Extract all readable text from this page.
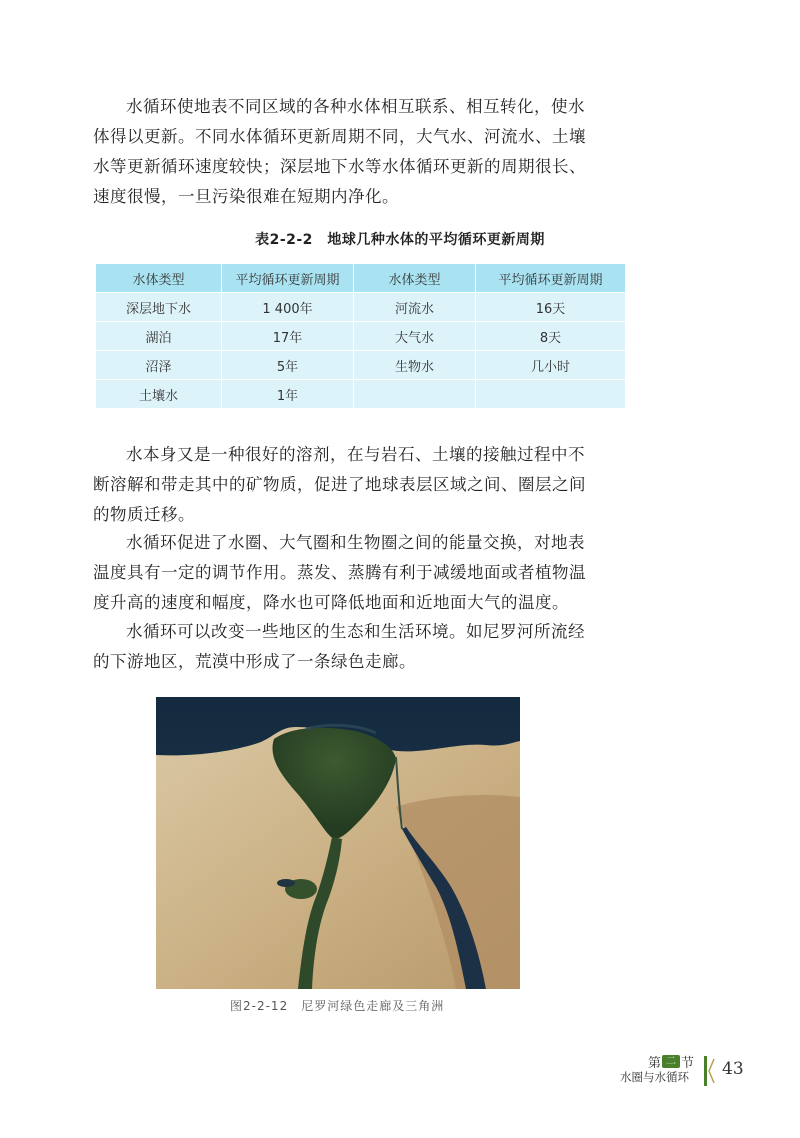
水循环使地表不同区域的各种水体相互联系、相互转化，使水体得以更新。不同水体循环更新周期不同，大气水、河流水、土壤水等更新循环速度较快；深层地下水等水体循环更新的周期很长、速度很慢，一旦污染很难在短期内净化。

表2-2-2　地球几种水体的平均循环更新周期
水体类型	平均循环更新周期	水体类型	平均循环更新周期
深层地下水	1 400年	河流水	16天
湖泊	17年	大气水	8天
沼泽	5年	生物水	几小时
土壤水	1年		

水本身又是一种很好的溶剂，在与岩石、土壤的接触过程中不断溶解和带走其中的矿物质，促进了地球表层区域之间、圈层之间的物质迁移。

水循环促进了水圈、大气圈和生物圈之间的能量交换，对地表温度具有一定的调节作用。蒸发、蒸腾有利于减缓地面或者植物温度升高的速度和幅度，降水也可降低地面和近地面大气的温度。

水循环可以改变一些地区的生态和生活环境。如尼罗河所流经的下游地区，荒漠中形成了一条绿色走廊。

图2-2-12　尼罗河绿色走廊及三角洲
第 二 节
水圈与水循环 43
